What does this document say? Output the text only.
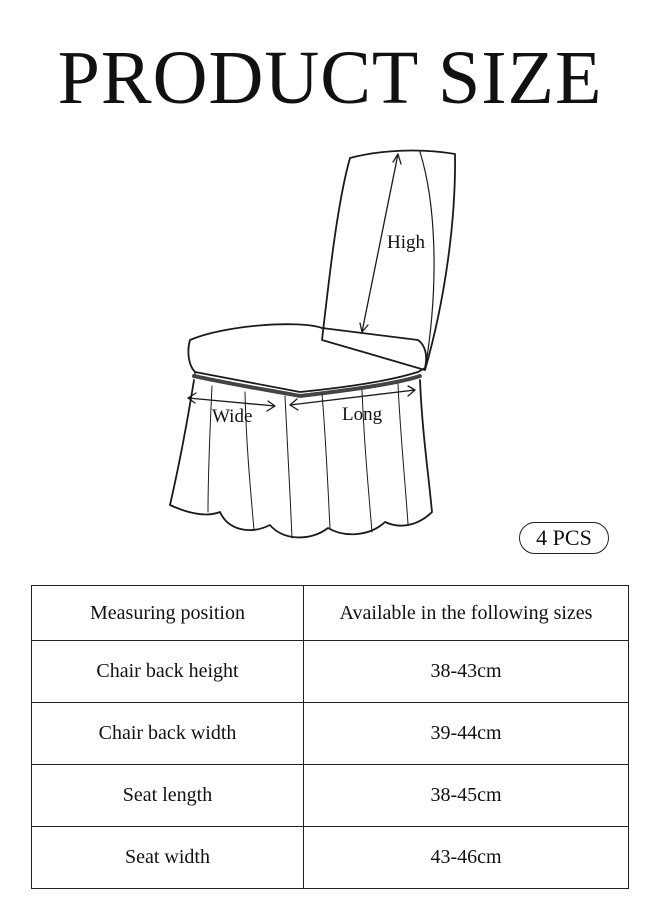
PRODUCT SIZE
High
Wide	Long
4 PCS
Measuring position	Available in the following sizes
Chair back height	38-43cm
Chair back width	39-44cm
Seat length	38-45cm
Seat width	43-46cm
